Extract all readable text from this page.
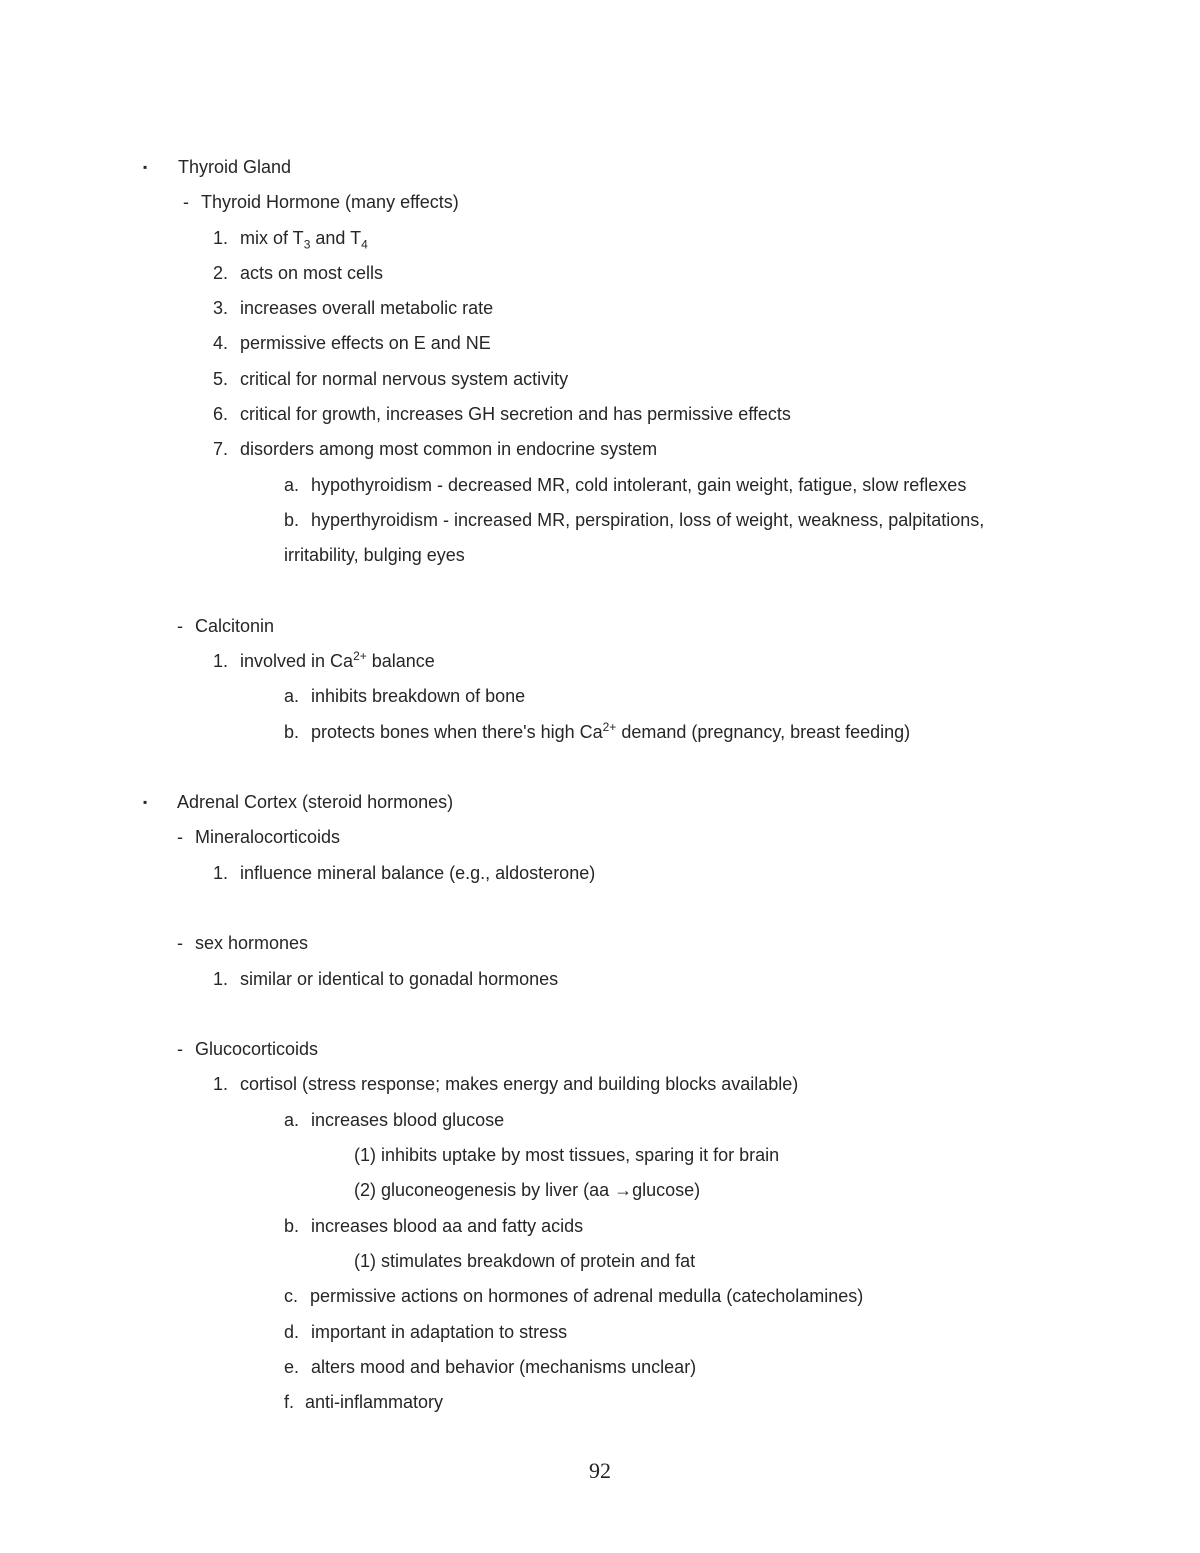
▪ Thyroid Gland
- Thyroid Hormone (many effects)
1. mix of $T_3$ and $T_4$
2. acts on most cells
3. increases overall metabolic rate
4. permissive effects on E and NE
5. critical for normal nervous system activity
6. critical for growth, increases GH secretion and has permissive effects
7. disorders among most common in endocrine system
a. hypothyroidism - decreased MR, cold intolerant, gain weight, fatigue, slow reflexes
b. hyperthyroidism - increased MR, perspiration, loss of weight, weakness, palpitations,
irritability, bulging eyes
- Calcitonin
1. involved in $Ca^{2+}$ balance
a. inhibits breakdown of bone
b. protects bones when there's high $Ca^{2+}$ demand (pregnancy, breast feeding)
▪ Adrenal Cortex (steroid hormones)
- Mineralocorticoids
1. influence mineral balance (e.g., aldosterone)
- sex hormones
1. similar or identical to gonadal hormones
- Glucocorticoids
1. cortisol (stress response; makes energy and building blocks available)
a. increases blood glucose
(1) inhibits uptake by most tissues, sparing it for brain
(2) gluconeogenesis by liver (aa →glucose)
b. increases blood aa and fatty acids
(1) stimulates breakdown of protein and fat
c. permissive actions on hormones of adrenal medulla (catecholamines)
d. important in adaptation to stress
e. alters mood and behavior (mechanisms unclear)
f. anti-inflammatory
92
